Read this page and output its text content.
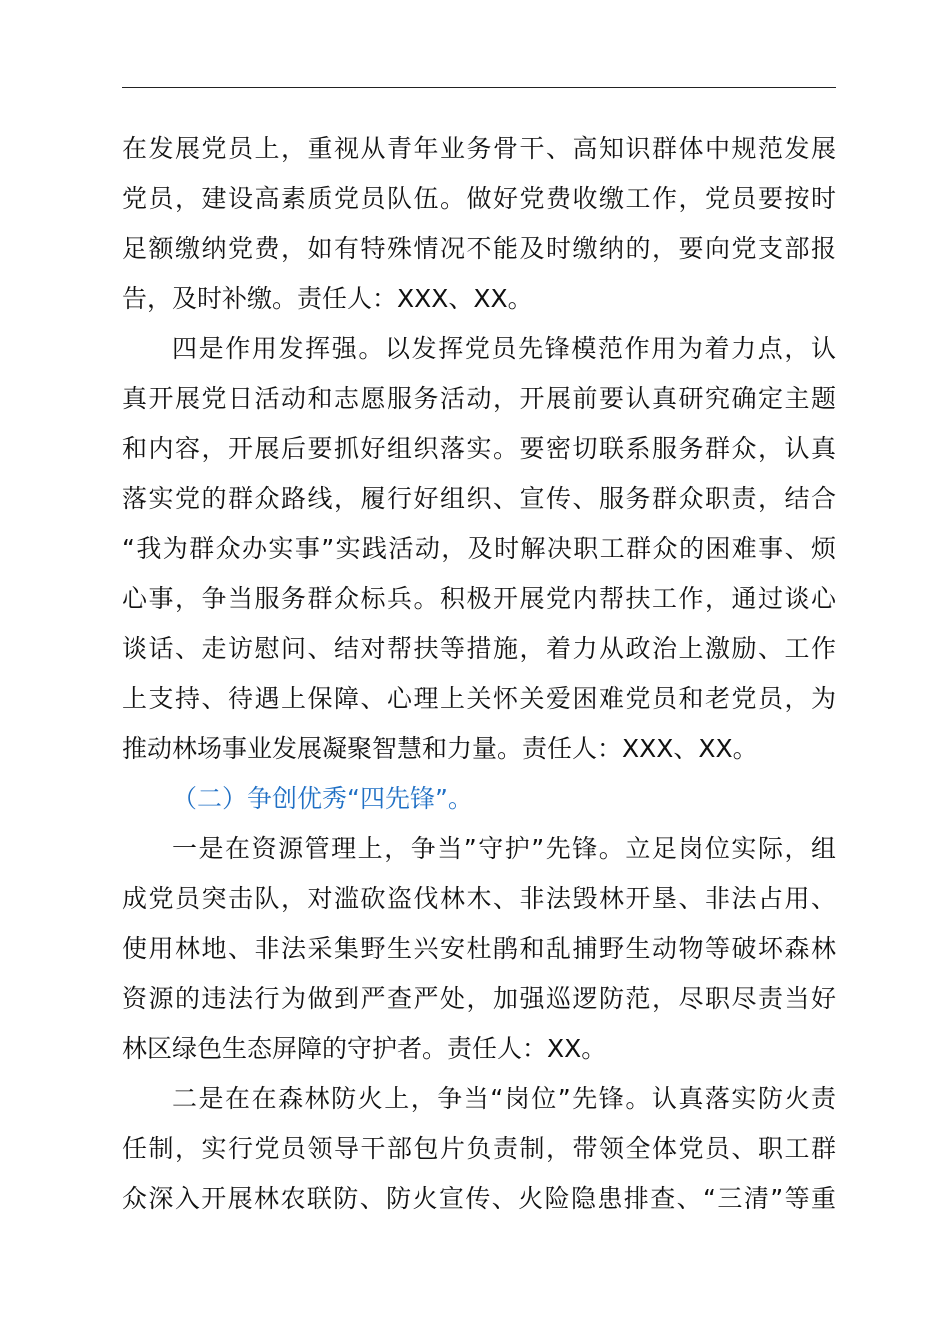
在发展党员上，重视从青年业务骨干、高知识群体中规范发展
党员，建设高素质党员队伍。做好党费收缴工作，党员要按时
足额缴纳党费，如有特殊情况不能及时缴纳的，要向党支部报
告，及时补缴。责任人：XXX、XX。
四是作用发挥强。以发挥党员先锋模范作用为着力点，认
真开展党日活动和志愿服务活动，开展前要认真研究确定主题
和内容，开展后要抓好组织落实。要密切联系服务群众，认真
落实党的群众路线，履行好组织、宣传、服务群众职责，结合
“我为群众办实事”实践活动，及时解决职工群众的困难事、烦
心事，争当服务群众标兵。积极开展党内帮扶工作，通过谈心
谈话、走访慰问、结对帮扶等措施，着力从政治上激励、工作
上支持、待遇上保障、心理上关怀关爱困难党员和老党员，为
推动林场事业发展凝聚智慧和力量。责任人：XXX、XX。
（二）争创优秀“四先锋”。
一是在资源管理上，争当”守护”先锋。立足岗位实际，组
成党员突击队，对滥砍盗伐林木、非法毁林开垦、非法占用、
使用林地、非法采集野生兴安杜鹃和乱捕野生动物等破坏森林
资源的违法行为做到严查严处，加强巡逻防范，尽职尽责当好
林区绿色生态屏障的守护者。责任人：XX。
二是在在森林防火上，争当“岗位”先锋。认真落实防火责
任制，实行党员领导干部包片负责制，带领全体党员、职工群
众深入开展林农联防、防火宣传、火险隐患排查、“三清”等重
